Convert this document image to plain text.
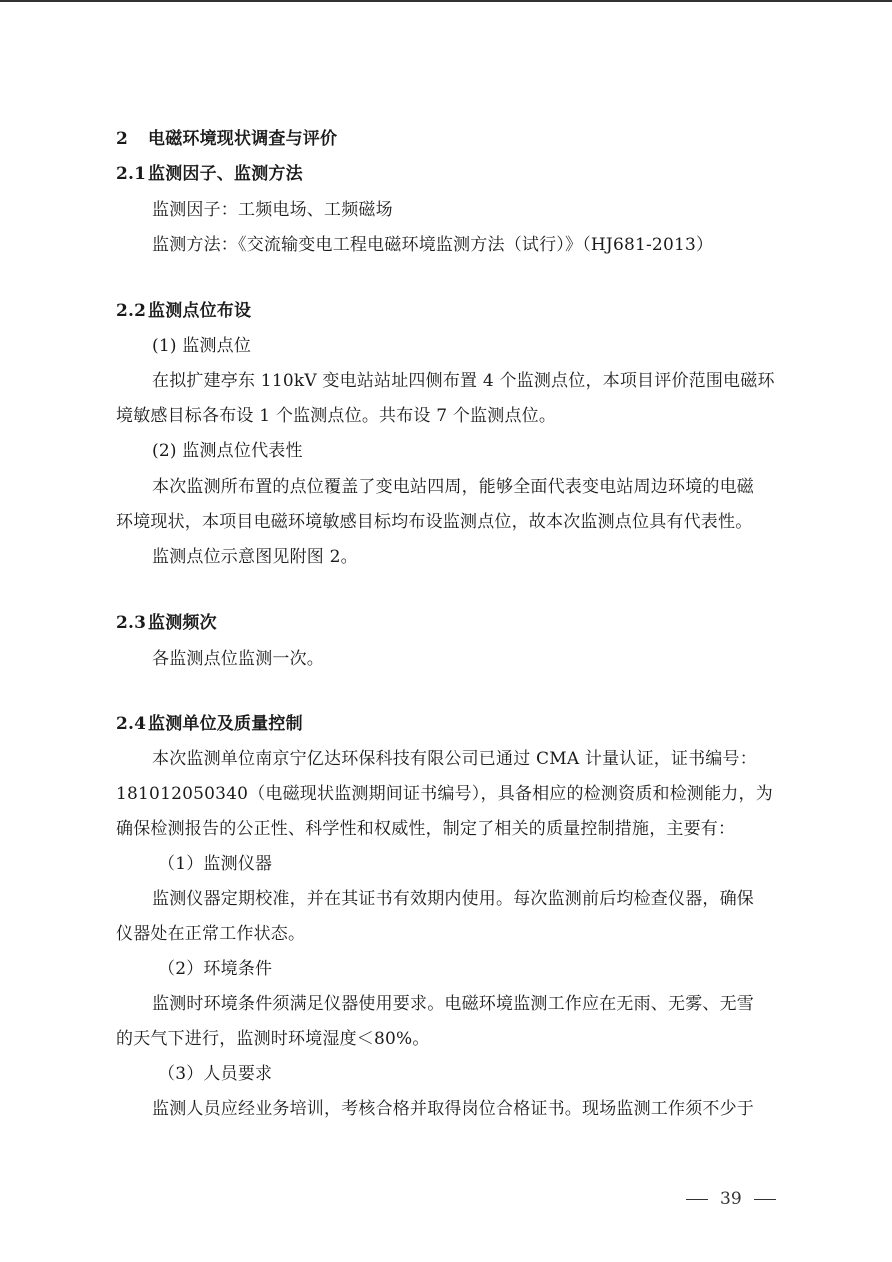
2 电磁环境现状调查与评价
2.1 监测因子、监测方法
监测因子：工频电场、工频磁场
监测方法：《交流输变电工程电磁环境监测方法（试行）》（HJ681-2013）
2.2 监测点位布设
(1) 监测点位
在拟扩建亭东 110kV 变电站站址四侧布置 4 个监测点位，本项目评价范围电磁环
境敏感目标各布设 1 个监测点位。共布设 7 个监测点位。
(2) 监测点位代表性
本次监测所布置的点位覆盖了变电站四周，能够全面代表变电站周边环境的电磁
环境现状，本项目电磁环境敏感目标均布设监测点位，故本次监测点位具有代表性。
监测点位示意图见附图 2。
2.3 监测频次
各监测点位监测一次。
2.4 监测单位及质量控制
本次监测单位南京宁亿达环保科技有限公司已通过 CMA 计量认证，证书编号：
181012050340（电磁现状监测期间证书编号），具备相应的检测资质和检测能力，为
确保检测报告的公正性、科学性和权威性，制定了相关的质量控制措施，主要有：
（1）监测仪器
监测仪器定期校准，并在其证书有效期内使用。每次监测前后均检查仪器，确保
仪器处在正常工作状态。
（2）环境条件
监测时环境条件须满足仪器使用要求。电磁环境监测工作应在无雨、无雾、无雪
的天气下进行，监测时环境湿度＜80%。
（3）人员要求
监测人员应经业务培训，考核合格并取得岗位合格证书。现场监测工作须不少于
39
